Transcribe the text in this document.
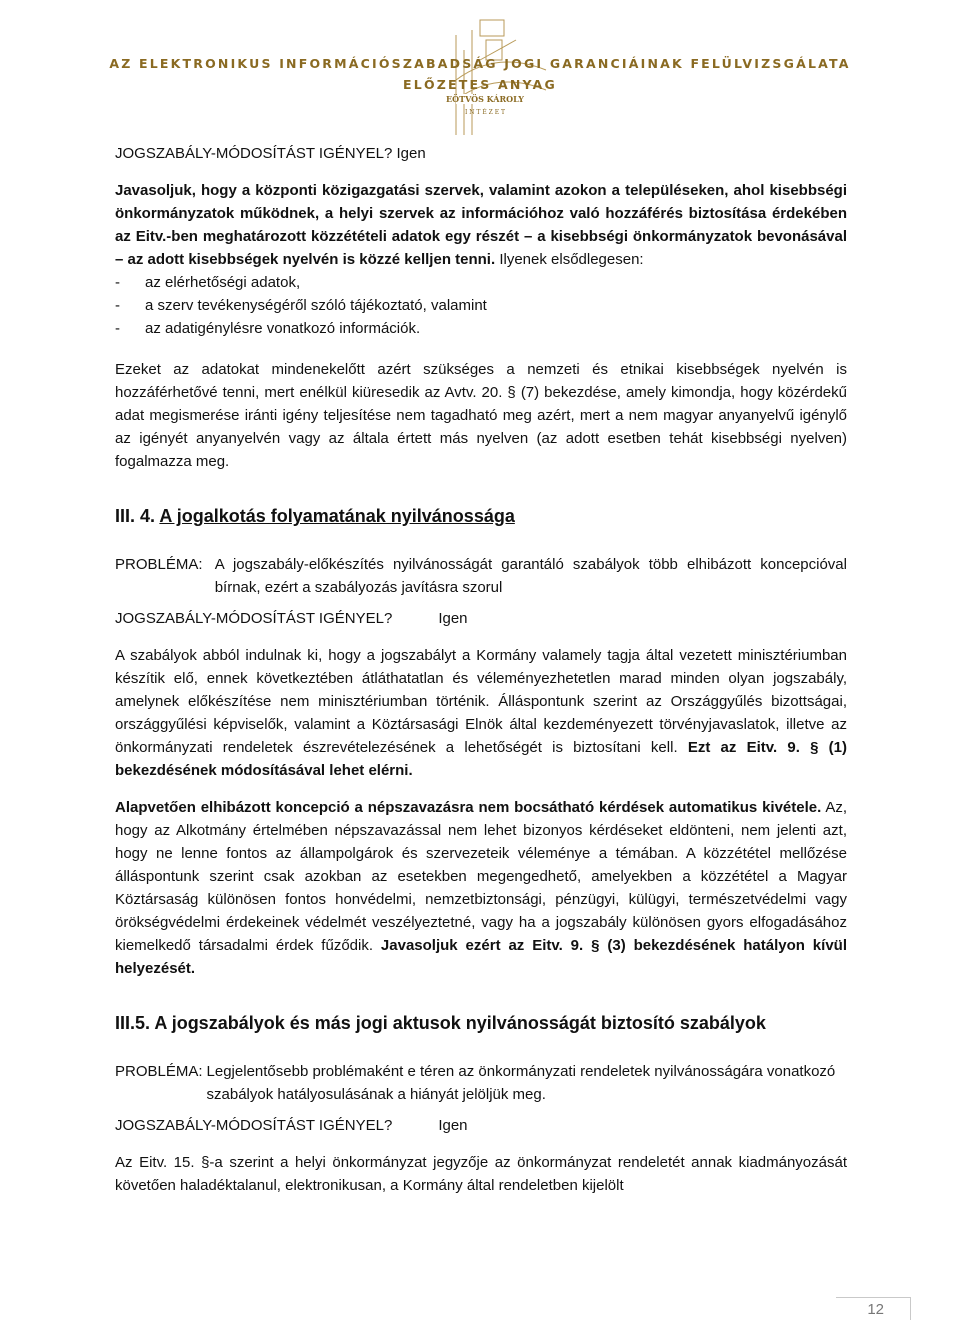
EÖTVÖS KÁROLY
I N T É Z E T
AZ ELEKTRONIKUS INFORMÁCIÓSZABADSÁG JOGI GARANCIÁINAK FELÜLVIZSGÁLATA
ELŐZETES ANYAG

JOGSZABÁLY-MÓDOSÍTÁST IGÉNYEL? Igen

Javasoljuk, hogy a központi közigazgatási szervek, valamint azokon a településeken, ahol kisebbségi önkormányzatok működnek, a helyi szervek az információhoz való hozzáférés biztosítása érdekében az Eitv.-ben meghatározott közzétételi adatok egy részét – a kisebbségi önkormányzatok bevonásával – az adott kisebbségek nyelvén is közzé kelljen tenni. Ilyenek elsődlegesen:

- az elérhetőségi adatok,
- a szerv tevékenységéről szóló tájékoztató, valamint
- az adatigénylésre vonatkozó információk.

Ezeket az adatokat mindenekelőtt azért szükséges a nemzeti és etnikai kisebbségek nyelvén is hozzáférhetővé tenni, mert enélkül kiüresedik az Avtv. 20. § (7) bekezdése, amely kimondja, hogy közérdekű adat megismerése iránti igény teljesítése nem tagadható meg azért, mert a nem magyar anyanyelvű igénylő az igényét anyanyelvén vagy az általa értett más nyelven (az adott esetben tehát kisebbségi nyelven) fogalmazza meg.

III. 4. A jogalkotás folyamatának nyilvánossága

PROBLÉMA:
A jogszabály-előkészítés nyilvánosságát garantáló szabályok több elhibázott koncepcióval bírnak, ezért a szabályozás javításra szorul

JOGSZABÁLY-MÓDOSÍTÁST IGÉNYEL?	Igen

A szabályok abból indulnak ki, hogy a jogszabályt a Kormány valamely tagja által vezetett minisztériumban készítik elő, ennek következtében átláthatatlan és véleményezhetetlen marad minden olyan jogszabály, amelynek előkészítése nem minisztériumban történik. Álláspontunk szerint az Országgyűlés bizottságai, országgyűlési képviselők, valamint a Köztársasági Elnök által kezdeményezett törvényjavaslatok, illetve az önkormányzati rendeletek észrevételezésének a lehetőségét is biztosítani kell. Ezt az Eitv. 9. § (1) bekezdésének módosításával lehet elérni.

Alapvetően elhibázott koncepció a népszavazásra nem bocsátható kérdések automatikus kivétele. Az, hogy az Alkotmány értelmében népszavazással nem lehet bizonyos kérdéseket eldönteni, nem jelenti azt, hogy ne lenne fontos az állampolgárok és szervezeteik véleménye a témában. A közzététel mellőzése álláspontunk szerint csak azokban az esetekben megengedhető, amelyekben a közzététel a Magyar Köztársaság különösen fontos honvédelmi, nemzetbiztonsági, pénzügyi, külügyi, természetvédelmi vagy örökségvédelmi érdekeinek védelmét veszélyeztetné, vagy ha a jogszabály különösen gyors elfogadásához kiemelkedő társadalmi érdek fűződik. Javasoljuk ezért az Eitv. 9. § (3) bekezdésének hatályon kívül helyezését.

III.5. A jogszabályok és más jogi aktusok nyilvánosságát biztosító szabályok

PROBLÉMA: Legjelentősebb problémaként e téren az önkormányzati rendeletek nyilvánosságára vonatkozó szabályok hatályosulásának a hiányát jelöljük meg.

JOGSZABÁLY-MÓDOSÍTÁST IGÉNYEL?	Igen

Az Eitv. 15. §-a szerint a helyi önkormányzat jegyzője az önkormányzat rendeletét annak kiadmányozását követően haladéktalanul, elektronikusan, a Kormány által rendeletben kijelölt

12
